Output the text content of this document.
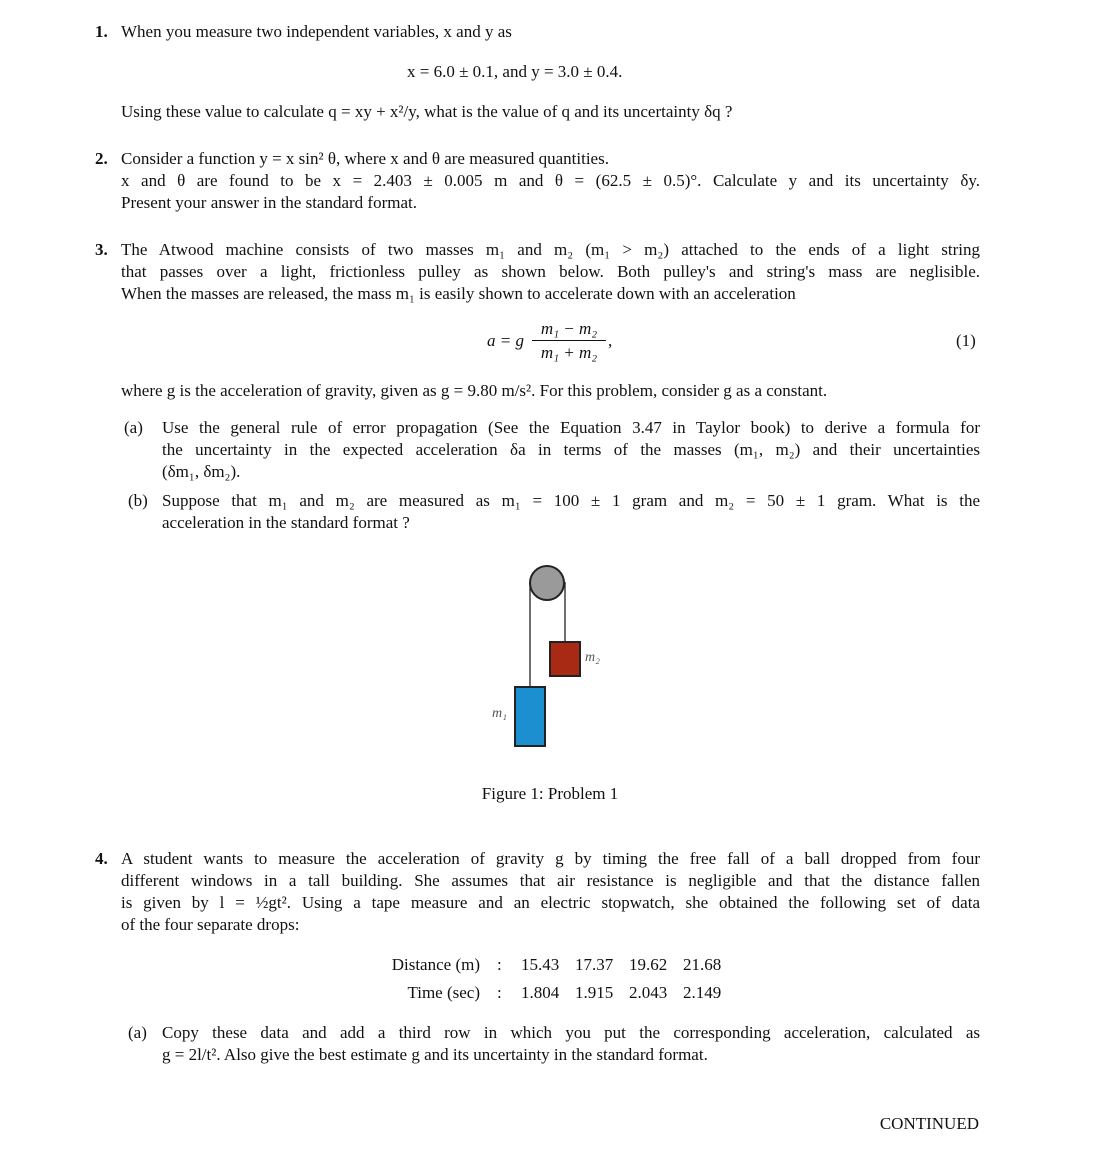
1. When you measure two independent variables, x and y as
x = 6.0 ± 0.1, and y = 3.0 ± 0.4.
Using these value to calculate q = xy + x²/y, what is the value of q and its uncertainty δq ?
2. Consider a function y = x sin² θ, where x and θ are measured quantities.
x and θ are found to be x = 2.403 ± 0.005 m and θ = (62.5 ± 0.5)°. Calculate y and its uncertainty δy.
Present your answer in the standard format.
3. The Atwood machine consists of two masses m₁ and m₂ (m₁ > m₂) attached to the ends of a light string
that passes over a light, frictionless pulley as shown below. Both pulley's and string's mass are neglisible.
When the masses are released, the mass m₁ is easily shown to accelerate down with an acceleration
a = g
m₁ − m₂
m₁ + m₂
,	(1)
where g is the acceleration of gravity, given as g = 9.80 m/s². For this problem, consider g as a constant.
(a) Use the general rule of error propagation (See the Equation 3.47 in Taylor book) to derive a formula for
the uncertainty in the expected acceleration δa in terms of the masses (m₁, m₂) and their uncertainties
(δm₁, δm₂).
(b) Suppose that m₁ and m₂ are measured as m₁ = 100 ± 1 gram and m₂ = 50 ± 1 gram. What is the
acceleration in the standard format ?
m₂
m₁
Figure 1: Problem 1
4. A student wants to measure the acceleration of gravity g by timing the free fall of a ball dropped from four
different windows in a tall building. She assumes that air resistance is negligible and that the distance fallen
is given by l = ½gt². Using a tape measure and an electric stopwatch, she obtained the following set of data
of the four separate drops:
Distance (m) : 15.43 17.37 19.62 21.68
Time (sec) : 1.804 1.915 2.043 2.149
(a) Copy these data and add a third row in which you put the corresponding acceleration, calculated as
g = 2l/t². Also give the best estimate g and its uncertainty in the standard format.
CONTINUED
